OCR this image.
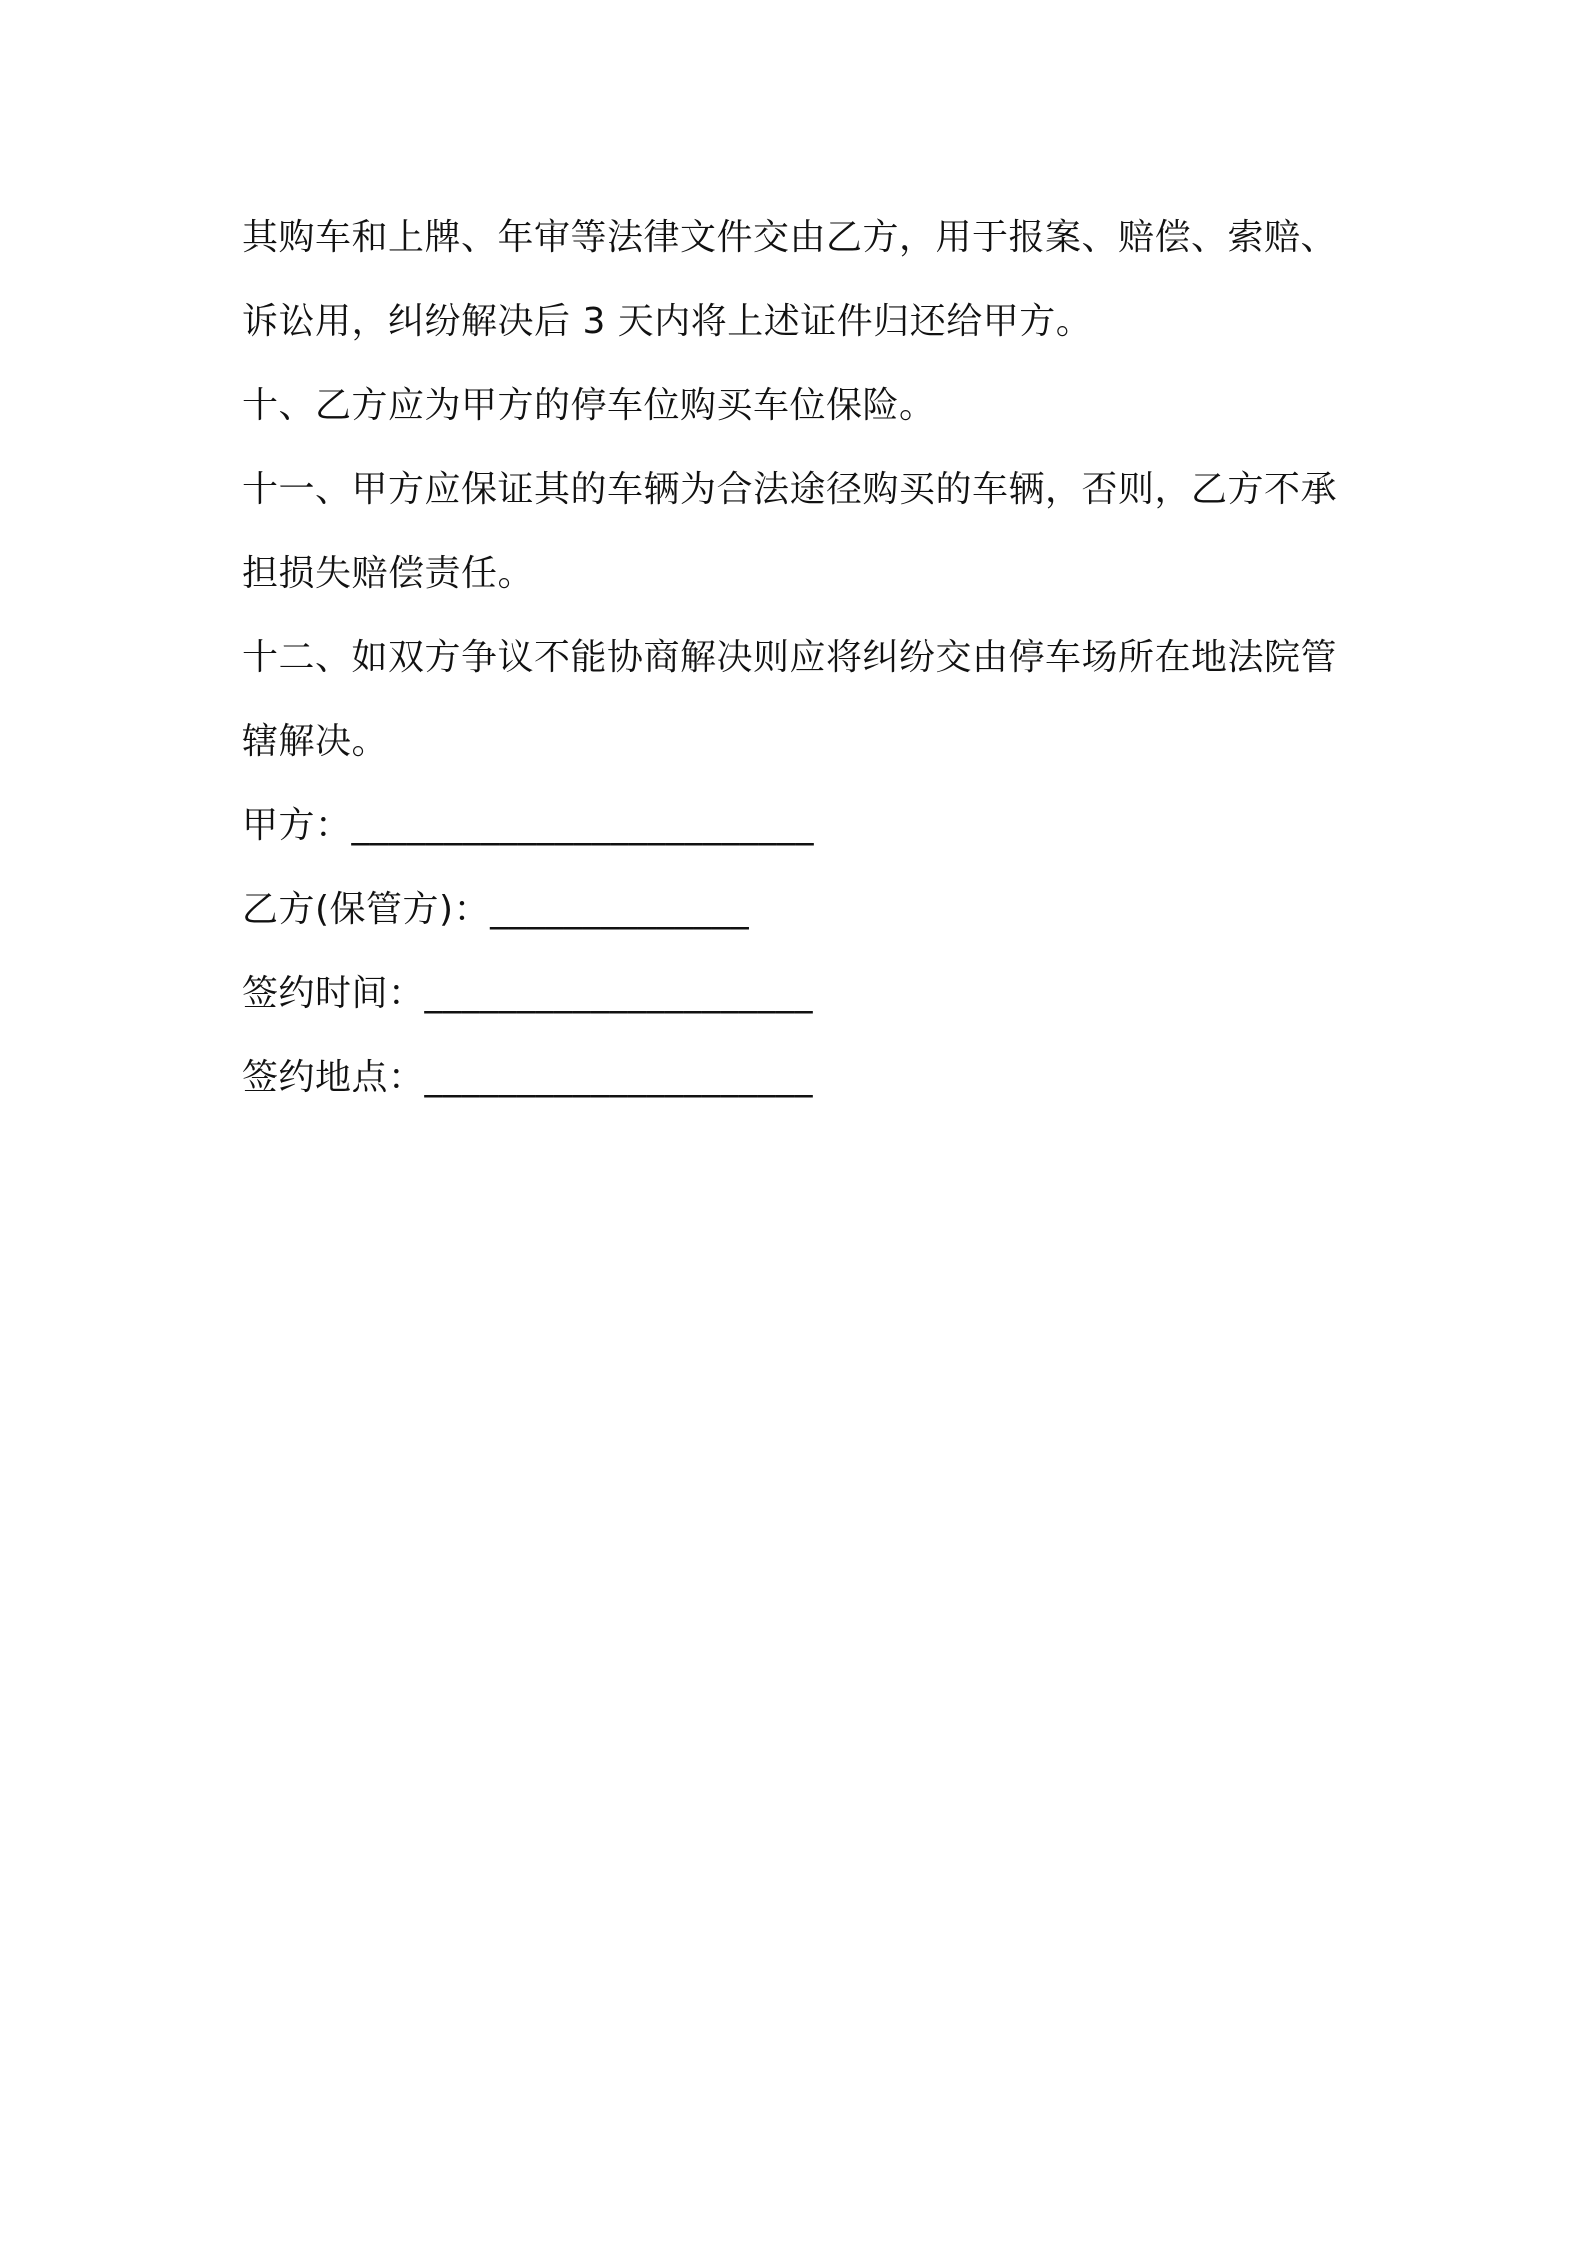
其购车和上牌、年审等法律文件交由乙方，用于报案、赔偿、索赔、诉讼用，纠纷解决后 3 天内将上述证件归还给甲方。

十、乙方应为甲方的停车位购买车位保险。

十一、甲方应保证其的车辆为合法途径购买的车辆，否则，乙方不承担损失赔偿责任。

十二、如双方争议不能协商解决则应将纠纷交由停车场所在地法院管辖解决。

甲方：_________________________

乙方(保管方)：______________

签约时间：_____________________

签约地点：_____________________
